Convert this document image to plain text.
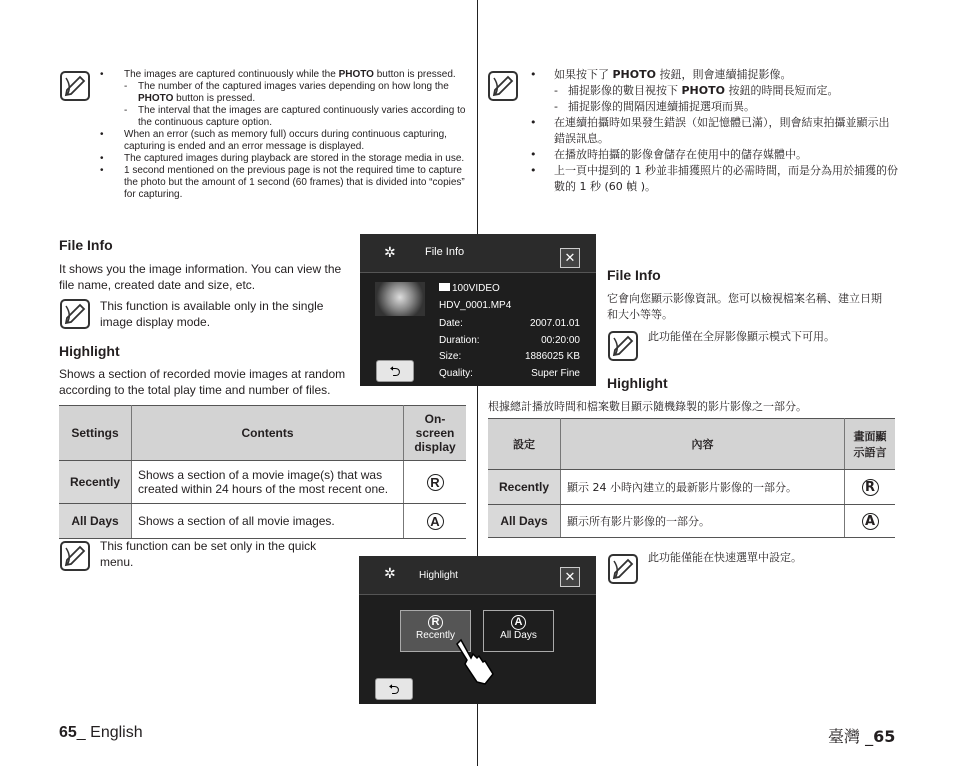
• The images are captured continuously while the PHOTO button is pressed.
- The number of the captured images varies depending on how long the PHOTO button is pressed.
- The interval that the images are captured continuously varies according to the continuous capture option.
• When an error (such as memory full) occurs during continuous capturing, capturing is ended and an error message is displayed.
• The captured images during playback are stored in the storage media in use.
• 1 second mentioned on the previous page is not the required time to capture the photo but the amount of 1 second (60 frames) that is divided into “copies” for capturing.
File Info
It shows you the image information. You can view the file name, created date and size, etc.
This function is available only in the single image display mode.
Highlight
Shows a section of recorded movie images at random according to the total play time and number of files.
Settings	Contents	On-screen display
Recently	Shows a section of a movie image(s) that was created within 24 hours of the most recent one.	R
All Days	Shows a section of all movie images.	A
This function can be set only in the quick menu.
65_ English
✲	File Info	✕
100VIDEO
HDV_0001.MP4
Date:	2007.01.01
Duration:	00:20:00
Size:	1886025 KB
Quality:	Super Fine
⮌
✲ Highlight	✕
R
Recently
A
All Days
⮌
• 如果按下了 PHOTO 按鈕，則會連續捕捉影像。
- 捕捉影像的數目視按下 PHOTO 按鈕的時間長短而定。
- 捕捉影像的間隔因連續捕捉選項而異。
• 在連續拍攝時如果發生錯誤（如記憶體已滿），則會結束拍攝並顯示出錯誤訊息。
• 在播放時拍攝的影像會儲存在使用中的儲存媒體中。
• 上一頁中提到的 1 秒並非捕獲照片的必需時間，而是分為用於捕獲的份數的 1 秒 (60 幀 )。
File Info
它會向您顯示影像資訊。您可以檢視檔案名稱、建立日期和大小等等。
此功能僅在全屏影像顯示模式下可用。
Highlight
根據總計播放時間和檔案數目顯示隨機錄製的影片影像之一部分。
設定	內容	畫面顯示語言
Recently	顯示 24 小時內建立的最新影片影像的一部分。	R
All Days	顯示所有影片影像的一部分。	A
此功能僅能在快速選單中設定。
臺灣 _65
